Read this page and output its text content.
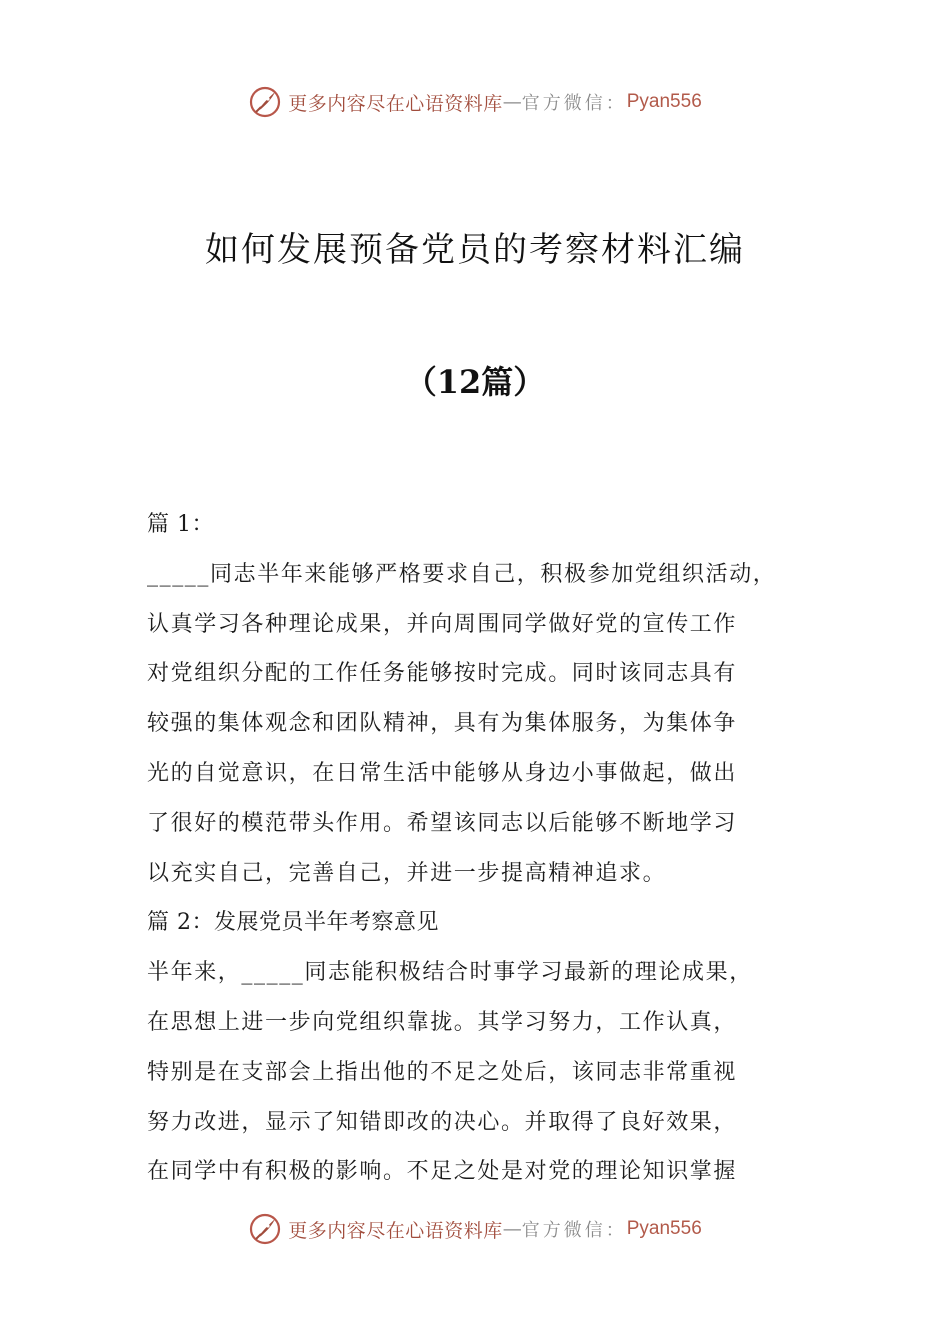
更多内容尽在心语资料库 — 官方微信： Pyan556
如何发展预备党员的考察材料汇编
（12篇）

篇 1：

_____同志半年来能够严格要求自己，积极参加党组织活动，

认真学习各种理论成果，并向周围同学做好党的宣传工作

对党组织分配的工作任务能够按时完成。同时该同志具有

较强的集体观念和团队精神，具有为集体服务，为集体争

光的自觉意识，在日常生活中能够从身边小事做起，做出

了很好的模范带头作用。希望该同志以后能够不断地学习

以充实自己，完善自己，并进一步提高精神追求。

篇 2：发展党员半年考察意见

半年来，_____同志能积极结合时事学习最新的理论成果，

在思想上进一步向党组织靠拢。其学习努力，工作认真，

特别是在支部会上指出他的不足之处后，该同志非常重视

努力改进，显示了知错即改的决心。并取得了良好效果，

在同学中有积极的影响。不足之处是对党的理论知识掌握

更多内容尽在心语资料库 — 官方微信： Pyan556
